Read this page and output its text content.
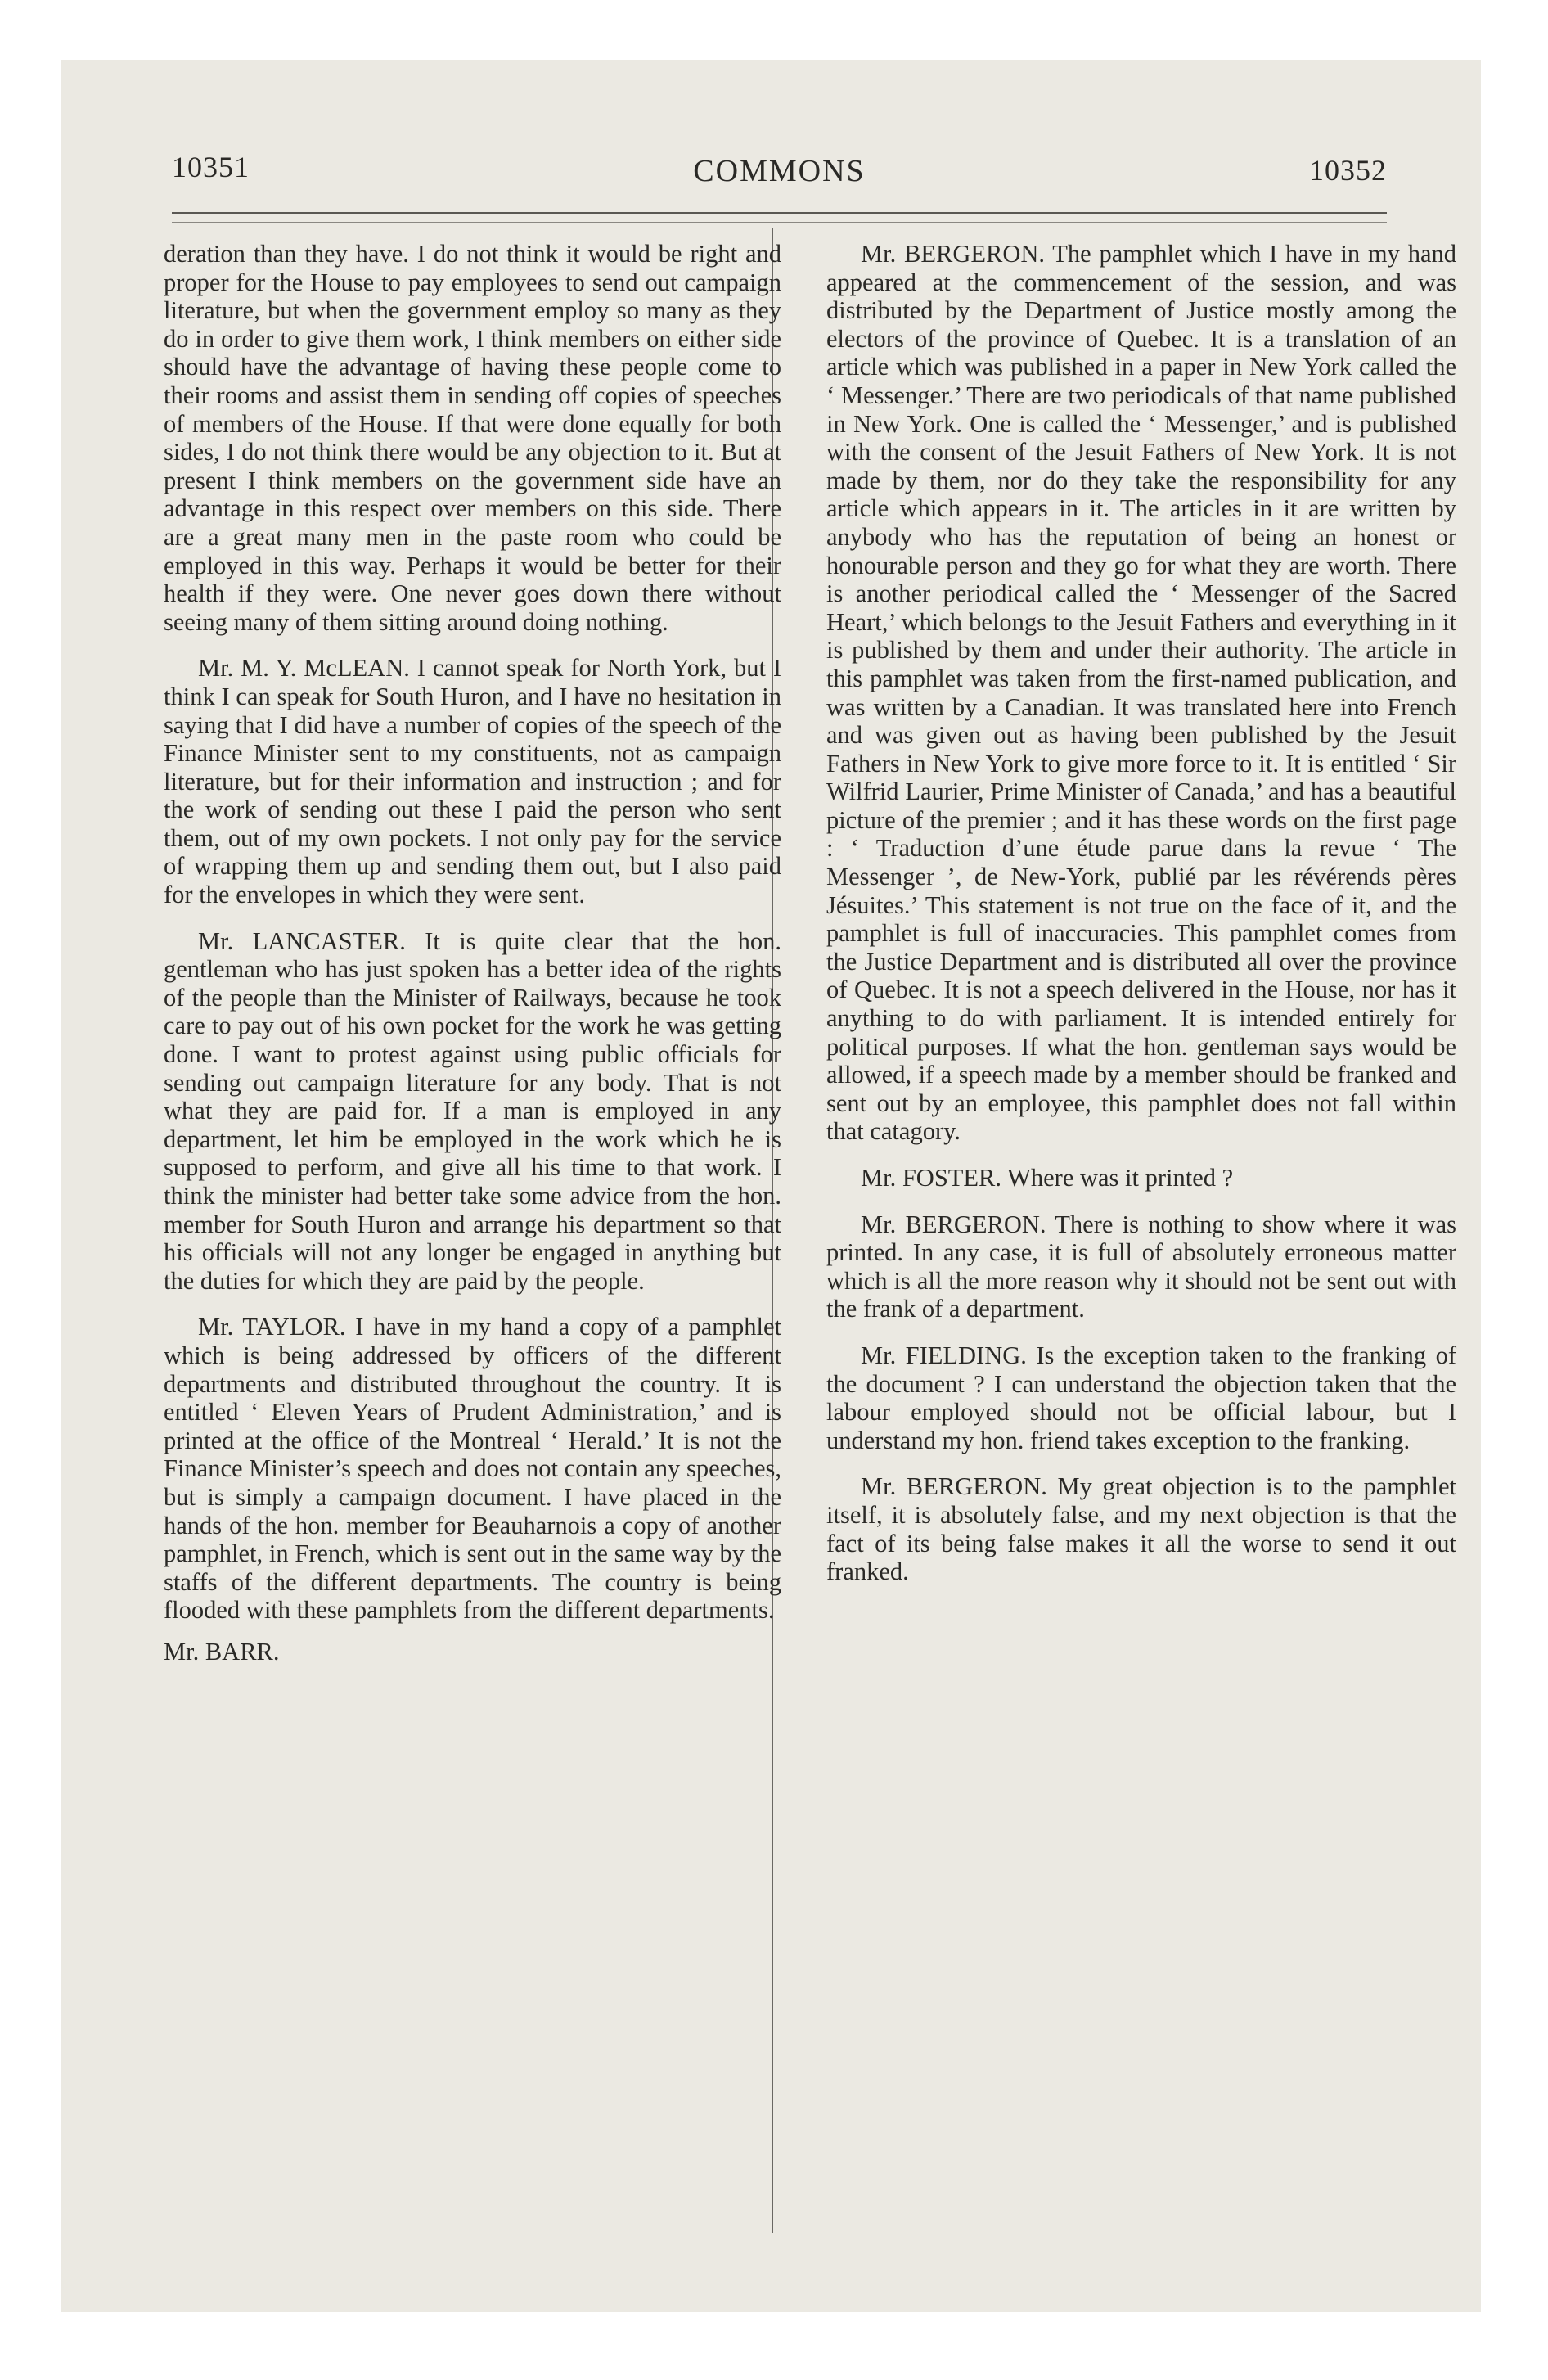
10351	COMMONS	10352

deration than they have. I do not think it would be right and proper for the House to pay employees to send out campaign literature, but when the government employ so many as they do in order to give them work, I think members on either side should have the advantage of having these people come to their rooms and assist them in sending off copies of speeches of members of the House. If that were done equally for both sides, I do not think there would be any objection to it. But at present I think members on the government side have an advantage in this respect over members on this side. There are a great many men in the paste room who could be employed in this way. Perhaps it would be better for their health if they were. One never goes down there without seeing many of them sitting around doing nothing.

Mr. M. Y. McLEAN. I cannot speak for North York, but I think I can speak for South Huron, and I have no hesitation in saying that I did have a number of copies of the speech of the Finance Minister sent to my constituents, not as campaign literature, but for their information and instruction ; and for the work of sending out these I paid the person who sent them, out of my own pockets. I not only pay for the service of wrapping them up and sending them out, but I also paid for the envelopes in which they were sent.

Mr. LANCASTER. It is quite clear that the hon. gentleman who has just spoken has a better idea of the rights of the people than the Minister of Railways, because he took care to pay out of his own pocket for the work he was getting done. I want to protest against using public officials for sending out campaign literature for any body. That is not what they are paid for. If a man is employed in any department, let him be employed in the work which he is supposed to perform, and give all his time to that work. I think the minister had better take some advice from the hon. member for South Huron and arrange his department so that his officials will not any longer be engaged in anything but the duties for which they are paid by the people.

Mr. TAYLOR. I have in my hand a copy of a pamphlet which is being addressed by officers of the different departments and distributed throughout the country. It is entitled ‘ Eleven Years of Prudent Administration,’ and is printed at the office of the Montreal ‘ Herald.’ It is not the Finance Minister’s speech and does not contain any speeches, but is simply a campaign document. I have placed in the hands of the hon. member for Beauharnois a copy of another pamphlet, in French, which is sent out in the same way by the staffs of the different departments. The country is being flooded with these pamphlets from the different departments.

Mr. BARR.

Mr. BERGERON. The pamphlet which I have in my hand appeared at the commencement of the session, and was distributed by the Department of Justice mostly among the electors of the province of Quebec. It is a translation of an article which was published in a paper in New York called the ‘ Messenger.’ There are two periodicals of that name published in New York. One is called the ‘ Messenger,’ and is published with the consent of the Jesuit Fathers of New York. It is not made by them, nor do they take the responsibility for any article which appears in it. The articles in it are written by anybody who has the reputation of being an honest or honourable person and they go for what they are worth. There is another periodical called the ‘ Messenger of the Sacred Heart,’ which belongs to the Jesuit Fathers and everything in it is published by them and under their authority. The article in this pamphlet was taken from the first-named publication, and was written by a Canadian. It was translated here into French and was given out as having been published by the Jesuit Fathers in New York to give more force to it. It is entitled ‘ Sir Wilfrid Laurier, Prime Minister of Canada,’ and has a beautiful picture of the premier ; and it has these words on the first page : ‘ Traduction d’une étude parue dans la revue ‘ The Messenger ’, de New-York, publié par les révérends pères Jésuites.’ This statement is not true on the face of it, and the pamphlet is full of inaccuracies. This pamphlet comes from the Justice Department and is distributed all over the province of Quebec. It is not a speech delivered in the House, nor has it anything to do with parliament. It is intended entirely for political purposes. If what the hon. gentleman says would be allowed, if a speech made by a member should be franked and sent out by an employee, this pamphlet does not fall within that catagory.

Mr. FOSTER. Where was it printed ?

Mr. BERGERON. There is nothing to show where it was printed. In any case, it is full of absolutely erroneous matter which is all the more reason why it should not be sent out with the frank of a department.

Mr. FIELDING. Is the exception taken to the franking of the document ? I can understand the objection taken that the labour employed should not be official labour, but I understand my hon. friend takes exception to the franking.

Mr. BERGERON. My great objection is to the pamphlet itself, it is absolutely false, and my next objection is that the fact of its being false makes it all the worse to send it out franked.
